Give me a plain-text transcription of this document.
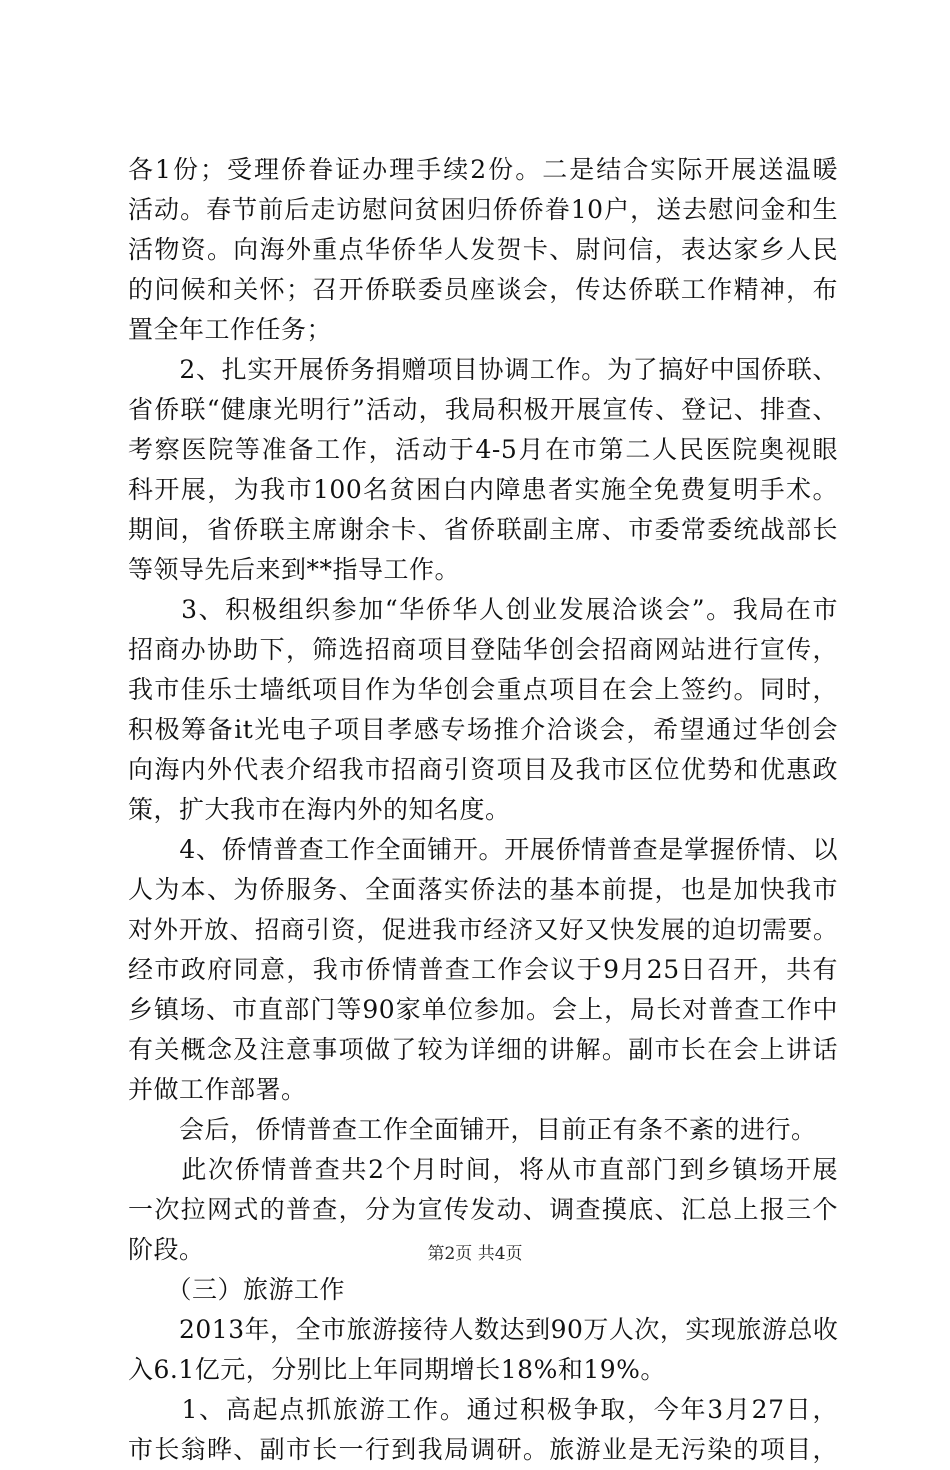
各1份；受理侨眷证办理手续2份。二是结合实际开展送温暖
活动。春节前后走访慰问贫困归侨侨眷10户，送去慰问金和生
活物资。向海外重点华侨华人发贺卡、尉问信，表达家乡人民
的问候和关怀；召开侨联委员座谈会，传达侨联工作精神，布
置全年工作任务；
　　2、扎实开展侨务捐赠项目协调工作。为了搞好中国侨联、
省侨联“健康光明行”活动，我局积极开展宣传、登记、排查、
考察医院等准备工作，活动于4-5月在市第二人民医院奥视眼
科开展，为我市100名贫困白内障患者实施全免费复明手术。
期间，省侨联主席谢余卡、省侨联副主席、市委常委统战部长
等领导先后来到**指导工作。
　　3、积极组织参加“华侨华人创业发展洽谈会”。我局在市
招商办协助下，筛选招商项目登陆华创会招商网站进行宣传，
我市佳乐士墙纸项目作为华创会重点项目在会上签约。同时，
积极筹备it光电子项目孝感专场推介洽谈会，希望通过华创会
向海内外代表介绍我市招商引资项目及我市区位优势和优惠政
策，扩大我市在海内外的知名度。
　　4、侨情普查工作全面铺开。开展侨情普查是掌握侨情、以
人为本、为侨服务、全面落实侨法的基本前提，也是加快我市
对外开放、招商引资，促进我市经济又好又快发展的迫切需要。
经市政府同意，我市侨情普查工作会议于9月25日召开，共有
乡镇场、市直部门等90家单位参加。会上，局长对普查工作中
有关概念及注意事项做了较为详细的讲解。副市长在会上讲话
并做工作部署。
　　会后，侨情普查工作全面铺开，目前正有条不紊的进行。
　　此次侨情普查共2个月时间，将从市直部门到乡镇场开展
一次拉网式的普查，分为宣传发动、调查摸底、汇总上报三个
阶段。
　　（三）旅游工作
　　2013年，全市旅游接待人数达到90万人次，实现旅游总收
入6.1亿元，分别比上年同期增长18%和19%。
　　1、高起点抓旅游工作。通过积极争取，今年3月27日，
市长翁晔、副市长一行到我局调研。旅游业是无污染的项目，
第2页 共4页
